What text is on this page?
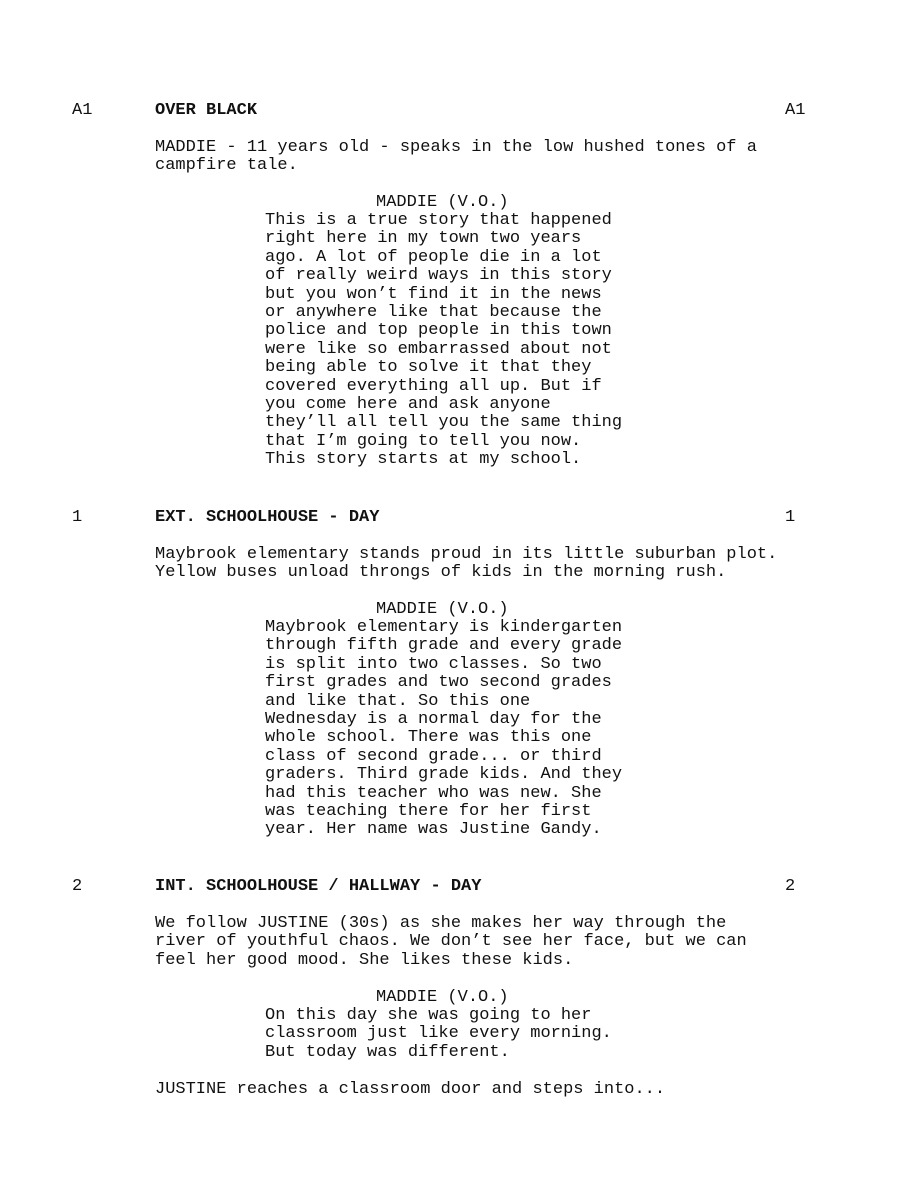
A1	OVER BLACK	A1
MADDIE - 11 years old - speaks in the low hushed tones of a
campfire tale.
MADDIE (V.O.)
This is a true story that happened
right here in my town two years
ago. A lot of people die in a lot
of really weird ways in this story
but you won’t find it in the news
or anywhere like that because the
police and top people in this town
were like so embarrassed about not
being able to solve it that they
covered everything all up. But if
you come here and ask anyone
they’ll all tell you the same thing
that I’m going to tell you now.
This story starts at my school.
1	EXT. SCHOOLHOUSE - DAY	1
Maybrook elementary stands proud in its little suburban plot.
Yellow buses unload throngs of kids in the morning rush.
MADDIE (V.O.)
Maybrook elementary is kindergarten
through fifth grade and every grade
is split into two classes. So two
first grades and two second grades
and like that. So this one
Wednesday is a normal day for the
whole school. There was this one
class of second grade... or third
graders. Third grade kids. And they
had this teacher who was new. She
was teaching there for her first
year. Her name was Justine Gandy.
2	INT. SCHOOLHOUSE / HALLWAY - DAY	2
We follow JUSTINE (30s) as she makes her way through the
river of youthful chaos. We don’t see her face, but we can
feel her good mood. She likes these kids.
MADDIE (V.O.)
On this day she was going to her
classroom just like every morning.
But today was different.
JUSTINE reaches a classroom door and steps into...
